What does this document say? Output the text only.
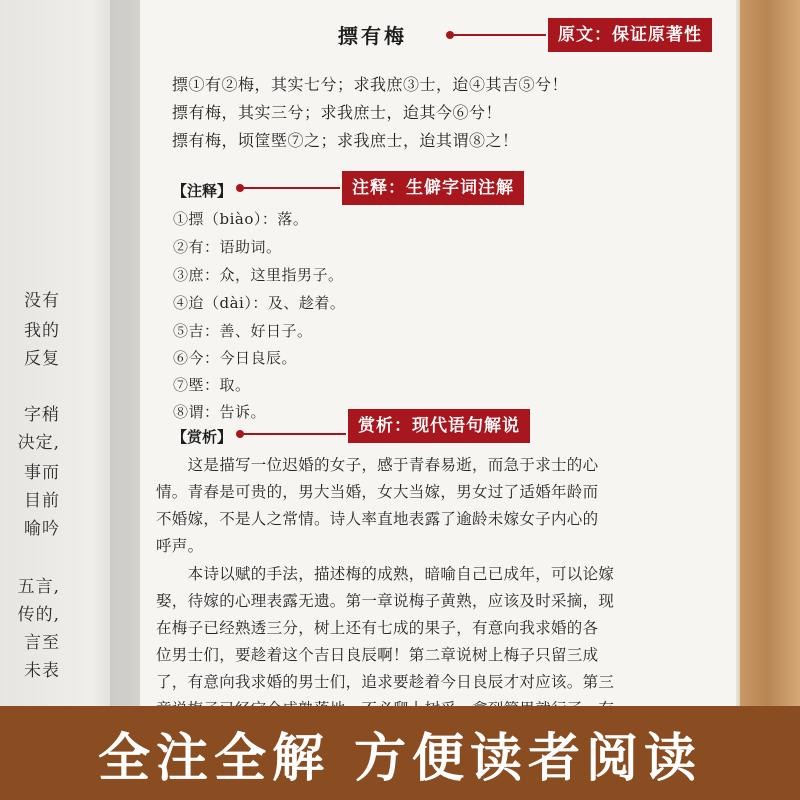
没有
我的
反复
字稍
决定,
事而
目前
喻吟
五言,
传的,
言至
未表
摽有梅
摽①有②梅，其实七兮；求我庶③士，迨④其吉⑤兮！
摽有梅，其实三兮；求我庶士，迨其今⑥兮！
摽有梅，顷筐塈⑦之；求我庶士，迨其谓⑧之！
【注释】
①摽（biào）：落。
②有：语助词。
③庶：众，这里指男子。
④迨（dài）：及、趁着。
⑤吉：善、好日子。
⑥今：今日良辰。
⑦塈：取。
⑧谓：告诉。
【赏析】
　　这是描写一位迟婚的女子，感于青春易逝，而急于求士的心
情。青春是可贵的，男大当婚，女大当嫁，男女过了适婚年龄而
不婚嫁，不是人之常情。诗人率直地表露了逾龄未嫁女子内心的
呼声。
　　本诗以赋的手法，描述梅的成熟，暗喻自己已成年，可以论嫁
娶，待嫁的心理表露无遗。第一章说梅子黄熟，应该及时采摘，现
在梅子已经熟透三分，树上还有七成的果子，有意向我求婚的各
位男士们，要趁着这个吉日良辰啊！第二章说树上梅子只留三成
了，有意向我求婚的男士们，追求要趁着今日良辰才对应该。第三
原文：保证原著性
注释：生僻字词注解
赏析：现代语句解说
全注全解 方便读者阅读
